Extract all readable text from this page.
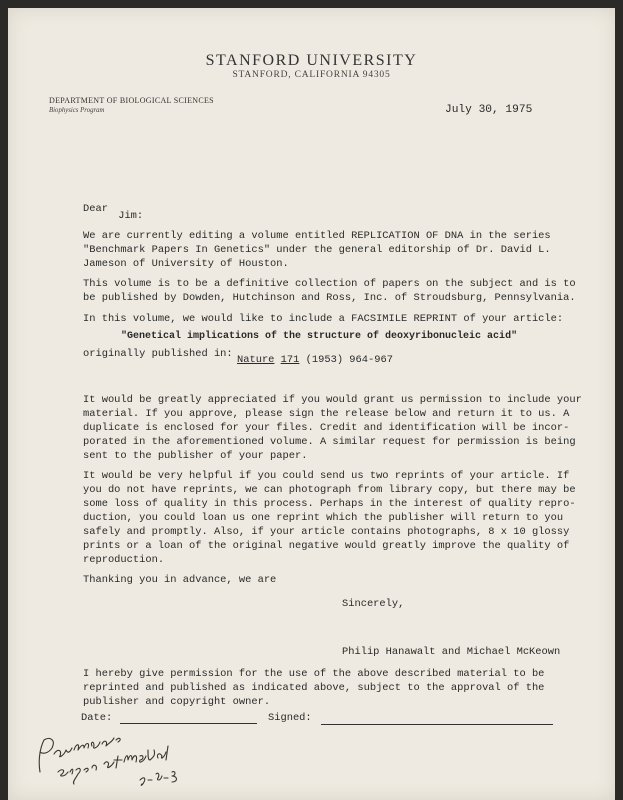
STANFORD UNIVERSITY
STANFORD, CALIFORNIA 94305
DEPARTMENT OF BIOLOGICAL SCIENCES
Biophysics Program	July 30, 1975
Dear Jim:
We are currently editing a volume entitled REPLICATION OF DNA in the series
"Benchmark Papers In Genetics" under the general editorship of Dr. David L.
Jameson of University of Houston.
This volume is to be a definitive collection of papers on the subject and is to
be published by Dowden, Hutchinson and Ross, Inc. of Stroudsburg, Pennsylvania.
In this volume, we would like to include a FACSIMILE REPRINT of your article:
"Genetical implications of the structure of deoxyribonucleic acid"
originally published in: Nature 171 (1953) 964-967
It would be greatly appreciated if you would grant us permission to include your
material. If you approve, please sign the release below and return it to us. A
duplicate is enclosed for your files. Credit and identification will be incor-
porated in the aforementioned volume. A similar request for permission is being
sent to the publisher of your paper.
It would be very helpful if you could send us two reprints of your article. If
you do not have reprints, we can photograph from library copy, but there may be
some loss of quality in this process. Perhaps in the interest of quality repro-
duction, you could loan us one reprint which the publisher will return to you
safely and promptly. Also, if your article contains photographs, 8 x 10 glossy
prints or a loan of the original negative would greatly improve the quality of
reproduction.
Thanking you in advance, we are
Sincerely,
Philip Hanawalt and Michael McKeown
I hereby give permission for the use of the above described material to be
reprinted and published as indicated above, subject to the approval of the
publisher and copyright owner.
Date:	Signed:
